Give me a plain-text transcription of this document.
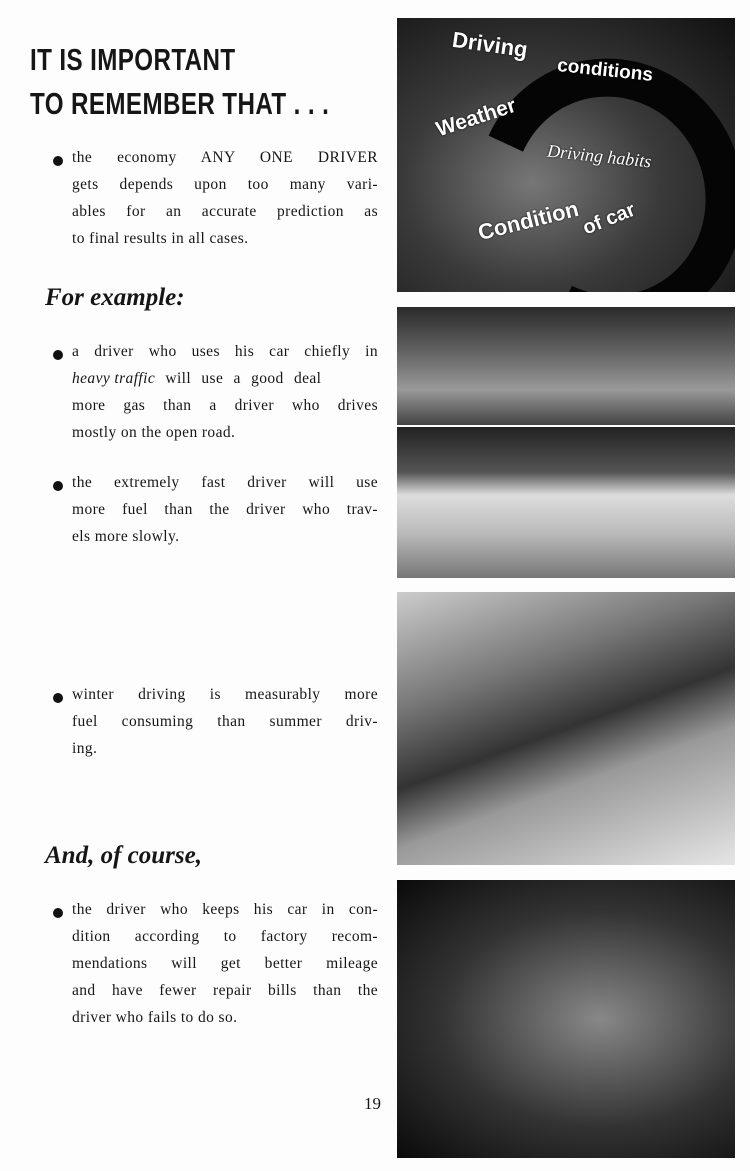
IT IS IMPORTANT
TO REMEMBER THAT . . .
the economy ANY ONE DRIVER
gets depends upon too many vari-
ables for an accurate prediction as
to final results in all cases.
For example:
a driver who uses his car chiefly in
heavy traffic will use a good deal
more gas than a driver who drives
mostly on the open road.
the extremely fast driver will use
more fuel than the driver who trav-
els more slowly.
winter driving is measurably more
fuel consuming than summer driv-
ing.
And, of course,
the driver who keeps his car in con-
dition according to factory recom-
mendations will get better mileage
and have fewer repair bills than the
driver who fails to do so.
Driving
conditions
Weather
Driving habits
Condition
of car
19
